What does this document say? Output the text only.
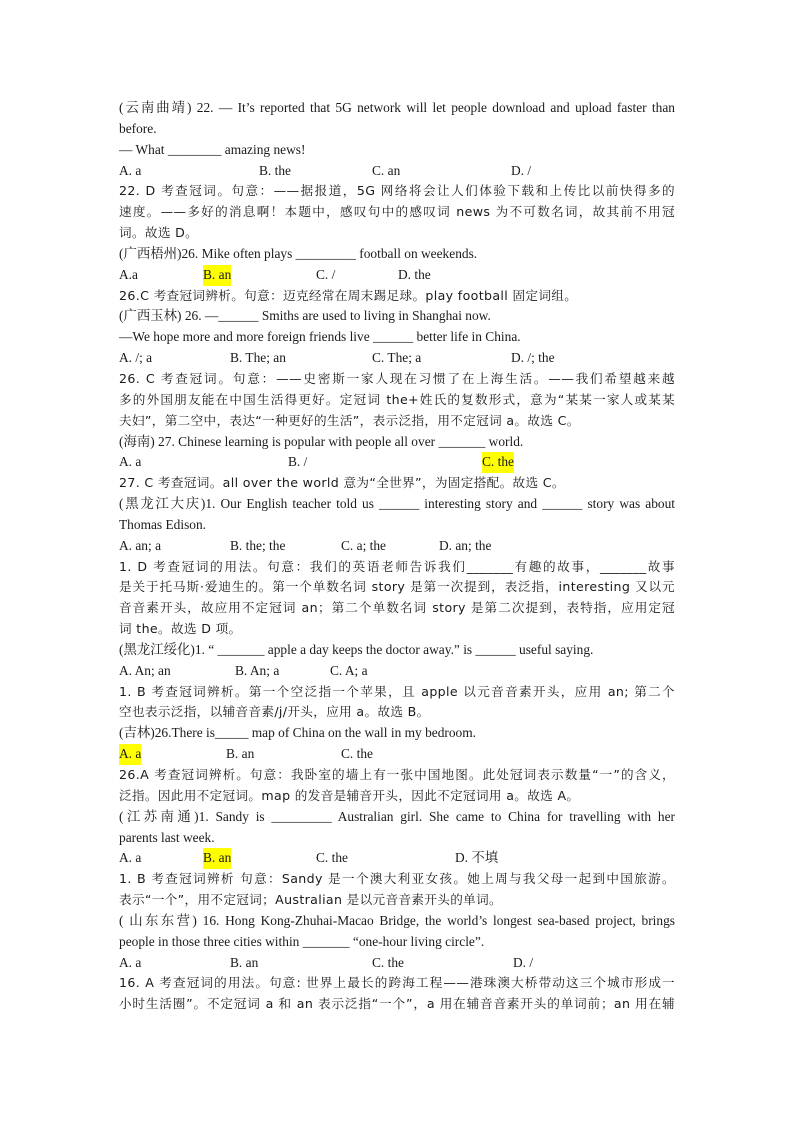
(云南曲靖) 22. — It’s reported that 5G network will let people download and upload faster than
before.
— What ________ amazing news!
A. a	B. the	C. an	D. /
22. D 考查冠词。句意：——据报道，5G 网络将会让人们体验下载和上传比以前快得多的
速度。——多好的消息啊！本题中，感叹句中的感叹词 news 为不可数名词，故其前不用冠
词。故选 D。
(广西梧州)26. Mike often plays _________ football on weekends.
A.a	B. an	C. /	D. the
26.C 考查冠词辨析。句意：迈克经常在周末踢足球。play football 固定词组。
(广西玉林) 26. —______ Smiths are used to living in Shanghai now.
—We hope more and more foreign friends live ______ better life in China.
A. /; a	B. The; an	C. The; a	D. /; the
26. C 考查冠词。句意：——史密斯一家人现在习惯了在上海生活。——我们希望越来越
多的外国朋友能在中国生活得更好。定冠词 the+姓氏的复数形式，意为“某某一家人或某某
夫妇”，第二空中，表达“一种更好的生活”，表示泛指，用不定冠词 a。故选 C。
(海南) 27. Chinese learning is popular with people all over _______ world.
A. a	B. /	C. the
27. C 考查冠词。all over the world 意为“全世界”，为固定搭配。故选 C。
(黑龙江大庆)1. Our English teacher told us ______ interesting story and ______ story was about
Thomas Edison.
A. an; a	B. the; the	C. a; the	D. an; the
1. D 考查冠词的用法。句意：我们的英语老师告诉我们_______有趣的故事，_______故事
是关于托马斯·爱迪生的。第一个单数名词 story 是第一次提到，表泛指，interesting 又以元
音音素开头，故应用不定冠词 an；第二个单数名词 story 是第二次提到，表特指，应用定冠
词 the。故选 D 项。
(黑龙江绥化)1. “ _______ apple a day keeps the doctor away.” is ______ useful saying.
A. An; an	B. An; a	C. A; a
1. B 考查冠词辨析。第一个空泛指一个苹果，且 apple 以元音音素开头，应用 an; 第二个
空也表示泛指，以辅音音素/j/开头，应用 a。故选 B。
(吉林)26.There is_____ map of China on the wall in my bedroom.
A. a	B. an	C. the
26.A 考查冠词辨析。句意：我卧室的墙上有一张中国地图。此处冠词表示数量“一”的含义，
泛指。因此用不定冠词。map 的发音是辅音开头，因此不定冠词用 a。故选 A。
(江苏南通)1. Sandy is _________ Australian girl. She came to China for travelling with her
parents last week.
A. a	B. an	C. the	D. 不填
1. B 考查冠词辨析 句意：Sandy 是一个澳大利亚女孩。她上周与我父母一起到中国旅游。
表示“一个”，用不定冠词；Australian 是以元音音素开头的单词。
( 山东东营) 16. Hong Kong-Zhuhai-Macao Bridge, the world’s longest sea-based project, brings
people in those three cities within _______ “one-hour living circle”.
A. a	B. an	C. the	D. /
16. A 考查冠词的用法。句意: 世界上最长的跨海工程——港珠澳大桥带动这三个城市形成一
小时生活圈”。不定冠词 a 和 an 表示泛指“一个”，a 用在辅音音素开头的单词前；an 用在辅
